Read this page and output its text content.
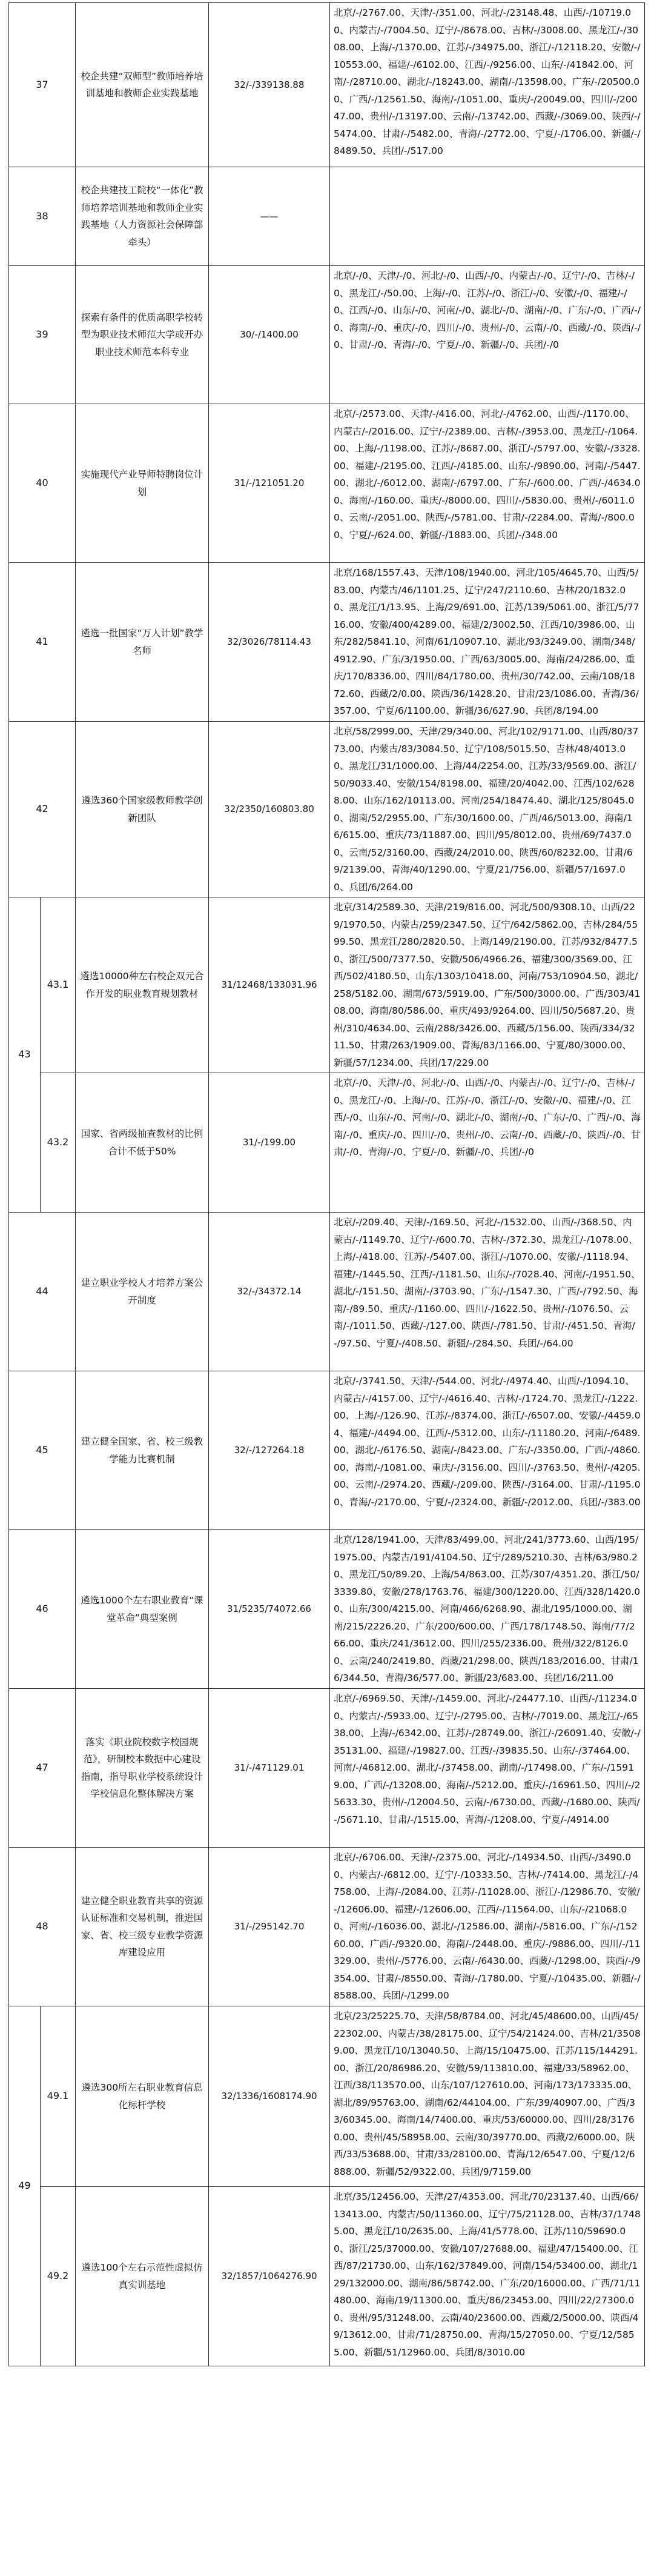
37		校企共建“双师型”教师培养培训基地和教师企业实践基地	32/-/339138.88	北京/-/2767.00、天津/-/351.00、河北/-/23148.48、山西/-/10719.00、内蒙古/-/7004.50、辽宁/-/8678.00、吉林/-/3008.00、黑龙江/-/3008.00、上海/-/1370.00、江苏/-/34975.00、浙江/-/12118.20、安徽/-/10553.00、福建/-/6102.00、江西/-/9256.00、山东/-/41842.00、河南/-/28710.00、湖北/-/18243.00、湖南/-/13598.00、广东/-/20500.00、广西/-/12561.50、海南/-/1051.00、重庆/-/20049.00、四川/-/20047.00、贵州/-/13197.00、云南/-/13742.00、西藏/-/3069.00、陕西/-/5474.00、甘肃/-/5482.00、青海/-/2772.00、宁夏/-/1706.00、新疆/-/8489.50、兵团/-/517.00
38		校企共建技工院校“一体化”教师培养培训基地和教师企业实践基地（人力资源社会保障部牵头）	——	
39		探索有条件的优质高职学校转型为职业技术师范大学或开办职业技术师范本科专业	30/-/1400.00	北京/-/0、天津/-/0、河北/-/0、山西/-/0、内蒙古/-/0、辽宁/-/0、吉林/-/0、黑龙江/-/50.00、上海/-/0、江苏/-/0、浙江/-/0、安徽/-/0、福建/-/0、江西/-/0、山东/-/0、河南/-/0、湖北/-/0、湖南/-/0、广东/-/0、广西/-/0、海南/-/0、重庆/-/0、四川/-/0、贵州/-/0、云南/-/0、西藏/-/0、陕西/-/0、甘肃/-/0、青海/-/0、宁夏/-/0、新疆/-/0、兵团/-/0
40		实施现代产业导师特聘岗位计划	31/-/121051.20	北京/-/2573.00、天津/-/416.00、河北/-/4762.00、山西/-/1170.00、内蒙古/-/2016.00、辽宁/-/2389.00、吉林/-/3953.00、黑龙江/-/1064.00、上海/-/1198.00、江苏/-/8687.00、浙江/-/5797.00、安徽/-/3328.00、福建/-/2195.00、江西/-/4185.00、山东/-/9890.00、河南/-/5447.00、湖北/-/6012.00、湖南/-/6797.00、广东/-/600.00、广西/-/4634.00、海南/-/160.00、重庆/-/8000.00、四川/-/5830.00、贵州/-/6011.00、云南/-/2051.00、陕西/-/5781.00、甘肃/-/2284.00、青海/-/800.00、宁夏/-/624.00、新疆/-/1883.00、兵团/-/348.00
41		遴选一批国家“万人计划”教学名师	32/3026/78114.43	北京/168/1557.43、天津/108/1940.00、河北/105/4645.70、山西/5/83.00、内蒙古/46/1101.25、辽宁/247/2110.60、吉林/20/1832.00、黑龙江/1/13.95、上海/29/691.00、江苏/139/5061.00、浙江/5/7716.00、安徽/400/4289.00、福建/2/3002.50、江西/10/3986.00、山东/282/5841.10、河南/61/10907.10、湖北/93/3249.00、湖南/348/4912.90、广东/3/1950.00、广西/63/3005.00、海南/24/286.00、重庆/170/8336.00、四川/84/1780.00、贵州/30/742.00、云南/108/1872.60、西藏/2/0.00、陕西/36/1428.20、甘肃/23/1086.00、青海/36/357.00、宁夏/6/1100.00、新疆/36/627.90、兵团/8/194.00
42		遴选360个国家级教师教学创新团队	32/2350/160803.80	北京/58/2999.00、天津/29/340.00、河北/102/9171.00、山西/80/3773.00、内蒙古/83/3084.50、辽宁/108/5015.50、吉林/48/4013.00、黑龙江/31/1000.00、上海/44/2254.00、江苏/33/9569.00、浙江/50/9033.40、安徽/154/8198.00、福建/20/4042.00、江西/102/6288.00、山东/162/10113.00、河南/254/18474.40、湖北/125/8045.00、湖南/52/2955.00、广东/30/1600.00、广西/46/5013.00、海南/16/615.00、重庆/73/11887.00、四川/95/8012.00、贵州/69/7437.00、云南/52/3160.00、西藏/24/2010.00、陕西/60/8232.00、甘肃/69/2139.00、青海/40/1290.00、宁夏/21/756.00、新疆/57/1697.00、兵团/6/264.00
43	43.1	遴选10000种左右校企双元合作开发的职业教育规划教材	31/12468/133031.96	北京/314/2589.30、天津/219/816.00、河北/500/9308.10、山西/229/1970.50、内蒙古/259/2347.50、辽宁/642/5862.00、吉林/284/5599.50、黑龙江/280/2820.50、上海/149/2190.00、江苏/932/8477.50、浙江/500/7377.50、安徽/506/4966.26、福建/300/3569.00、江西/502/4180.50、山东/1303/10418.00、河南/753/10904.50、湖北/258/5182.00、湖南/673/5919.00、广东/500/3000.00、广西/303/4108.00、海南/80/586.00、重庆/493/9264.00、四川/50/5687.20、贵州/310/4634.00、云南/288/3426.00、西藏/5/156.00、陕西/334/3211.50、甘肃/263/1909.00、青海/83/1166.00、宁夏/80/3000.00、新疆/57/1234.00、兵团/17/229.00
	43.2	国家、省两级抽查教材的比例合计不低于50%	31/-/199.00	北京/-/0、天津/-/0、河北/-/0、山西/-/0、内蒙古/-/0、辽宁/-/0、吉林/-/0、黑龙江/-/0、上海/-/0、江苏/-/0、浙江/-/0、安徽/-/0、福建/-/0、江西/-/0、山东/-/0、河南/-/0、湖北/-/0、湖南/-/0、广东/-/0、广西/-/0、海南/-/0、重庆/-/0、四川/-/0、贵州/-/0、云南/-/0、西藏/-/0、陕西/-/0、甘肃/-/0、青海/-/0、宁夏/-/0、新疆/-/0、兵团/-/0
44		建立职业学校人才培养方案公开制度	32/-/34372.14	北京/-/209.40、天津/-/169.50、河北/-/1532.00、山西/-/368.50、内蒙古/-/1149.70、辽宁/-/600.70、吉林/-/372.30、黑龙江/-/1078.00、上海/-/418.00、江苏/-/5407.00、浙江/-/1070.00、安徽/-/1118.94、福建/-/1445.50、江西/-/1181.50、山东/-/7028.40、河南/-/1951.50、湖北/-/151.50、湖南/-/3703.90、广东/-/1547.30、广西/-/792.50、海南/-/89.50、重庆/-/1160.00、四川/-/1622.50、贵州/-/1076.50、云南/-/1011.50、西藏/-/127.00、陕西/-/781.50、甘肃/-/451.50、青海/-/97.50、宁夏/-/408.50、新疆/-/284.50、兵团/-/64.00
45		建立健全国家、省、校三级教学能力比赛机制	32/-/127264.18	北京/-/3741.50、天津/-/544.00、河北/-/4974.40、山西/-/1094.10、内蒙古/-/4157.00、辽宁/-/4616.40、吉林/-/1724.70、黑龙江/-/1222.00、上海/-/126.90、江苏/-/8374.00、浙江/-/6507.00、安徽/-/4459.04、福建/-/4494.00、江西/-/5312.00、山东/-/11180.20、河南/-/6489.00、湖北/-/6176.50、湖南/-/8423.00、广东/-/3350.00、广西/-/4860.00、海南/-/1081.00、重庆/-/3156.00、四川/-/3763.50、贵州/-/4205.00、云南/-/2974.20、西藏/-/209.00、陕西/-/3164.00、甘肃/-/1195.00、青海/-/2170.00、宁夏/-/2324.00、新疆/-/2012.00、兵团/-/383.00
46		遴选1000个左右职业教育“课堂革命”典型案例	31/5235/74072.66	北京/128/1941.00、天津/83/499.00、河北/241/3773.60、山西/195/1975.00、内蒙古/191/4104.50、辽宁/289/5210.30、吉林/63/980.20、黑龙江/50/89.20、上海/54/863.00、江苏/307/4351.20、浙江/50/3339.80、安徽/278/1763.76、福建/300/1220.00、江西/328/1420.00、山东/300/4215.00、河南/466/6268.90、湖北/195/1000.00、湖南/215/2226.20、广东/200/600.00、广西/178/1748.50、海南/77/266.00、重庆/241/3612.00、四川/255/2336.00、贵州/322/8126.00、云南/240/2419.80、西藏/21/298.00、陕西/183/2016.00、甘肃/16/344.50、青海/36/577.00、新疆/23/683.00、兵团/16/211.00
47		落实《职业院校数字校园规范》，研制校本数据中心建设指南，指导职业学校系统设计学校信息化整体解决方案	31/-/471129.01	北京/-/6969.50、天津/-/1459.00、河北/-/24477.10、山西/-/11234.00、内蒙古/-/5933.00、辽宁/-/2795.00、吉林/-/7019.00、黑龙江/-/6538.00、上海/-/6342.00、江苏/-/28749.00、浙江/-/26091.40、安徽/-/35131.00、福建/-/19827.00、江西/-/39835.50、山东/-/37464.00、河南/-/46812.00、湖北/-/37458.00、湖南/-/17498.00、广东/-/15919.00、广西/-/13208.00、海南/-/5212.00、重庆/-/16961.50、四川/-/25633.30、贵州/-/12004.50、云南/-/6730.00、西藏/-/1680.00、陕西/-/5671.10、甘肃/-/1515.00、青海/-/1208.00、宁夏/-/4914.00
48		建立健全职业教育共享的资源认证标准和交易机制，推进国家、省、校三级专业教学资源库建设应用	31/-/295142.70	北京/-/6706.00、天津/-/2375.00、河北/-/14934.50、山西/-/3490.00、内蒙古/-/6812.00、辽宁/-/10333.50、吉林/-/7414.00、黑龙江/-/4758.00、上海/-/2084.00、江苏/-/11028.00、浙江/-/12986.70、安徽/-/12606.00、福建/-/12606.00、江西/-/11564.00、山东/-/21068.00、河南/-/16036.00、湖北/-/12586.00、湖南/-/5816.00、广东/-/15260.00、广西/-/9320.00、海南/-/2448.00、重庆/-/9886.00、四川/-/11329.00、贵州/-/5776.00、云南/-/6430.00、西藏/-/1298.00、陕西/-/9354.00、甘肃/-/8550.00、青海/-/1780.00、宁夏/-/10435.00、新疆/-/8588.00、兵团/-/1299.00
49	49.1	遴选300所左右职业教育信息化标杆学校	32/1336/1608174.90	北京/23/25225.70、天津/58/8784.00、河北/45/48600.00、山西/45/22302.00、内蒙古/38/28175.00、辽宁/54/21424.00、吉林/21/35089.00、黑龙江/10/13040.50、上海/15/10475.00、江苏/115/144291.00、浙江/20/86986.20、安徽/59/113810.00、福建/33/58962.00、江西/38/113570.00、山东/107/127610.00、河南/173/173335.00、湖北/89/95763.00、湖南/62/44104.00、广东/39/40907.00、广西/33/60345.00、海南/14/7400.00、重庆/53/60000.00、四川/28/31760.00、贵州/45/58958.00、云南/30/39770.00、西藏/2/6000.00、陕西/33/53688.00、甘肃/33/28100.00、青海/12/6547.00、宁夏/12/6888.00、新疆/52/9322.00、兵团/9/7159.00
	49.2	遴选100个左右示范性虚拟仿真实训基地	32/1857/1064276.90	北京/35/12456.00、天津/27/4353.00、河北/70/23137.40、山西/66/13413.00、内蒙古/50/11360.00、辽宁/75/21128.00、吉林/37/17485.00、黑龙江/10/2635.00、上海/41/5778.00、江苏/110/59690.00、浙江/25/37000.00、安徽/107/27688.00、福建/47/15400.00、江西/87/21730.00、山东/162/37849.00、河南/154/53400.00、湖北/129/132000.00、湖南/86/58742.00、广东/20/16000.00、广西/71/11480.00、海南/19/11300.00、重庆/86/23453.00、四川/22/27300.00、贵州/95/31248.00、云南/40/23600.00、西藏/2/5000.00、陕西/49/13612.00、甘肃/71/28750.00、青海/15/27050.00、宁夏/12/5855.00、新疆/51/12960.00、兵团/8/3010.00
